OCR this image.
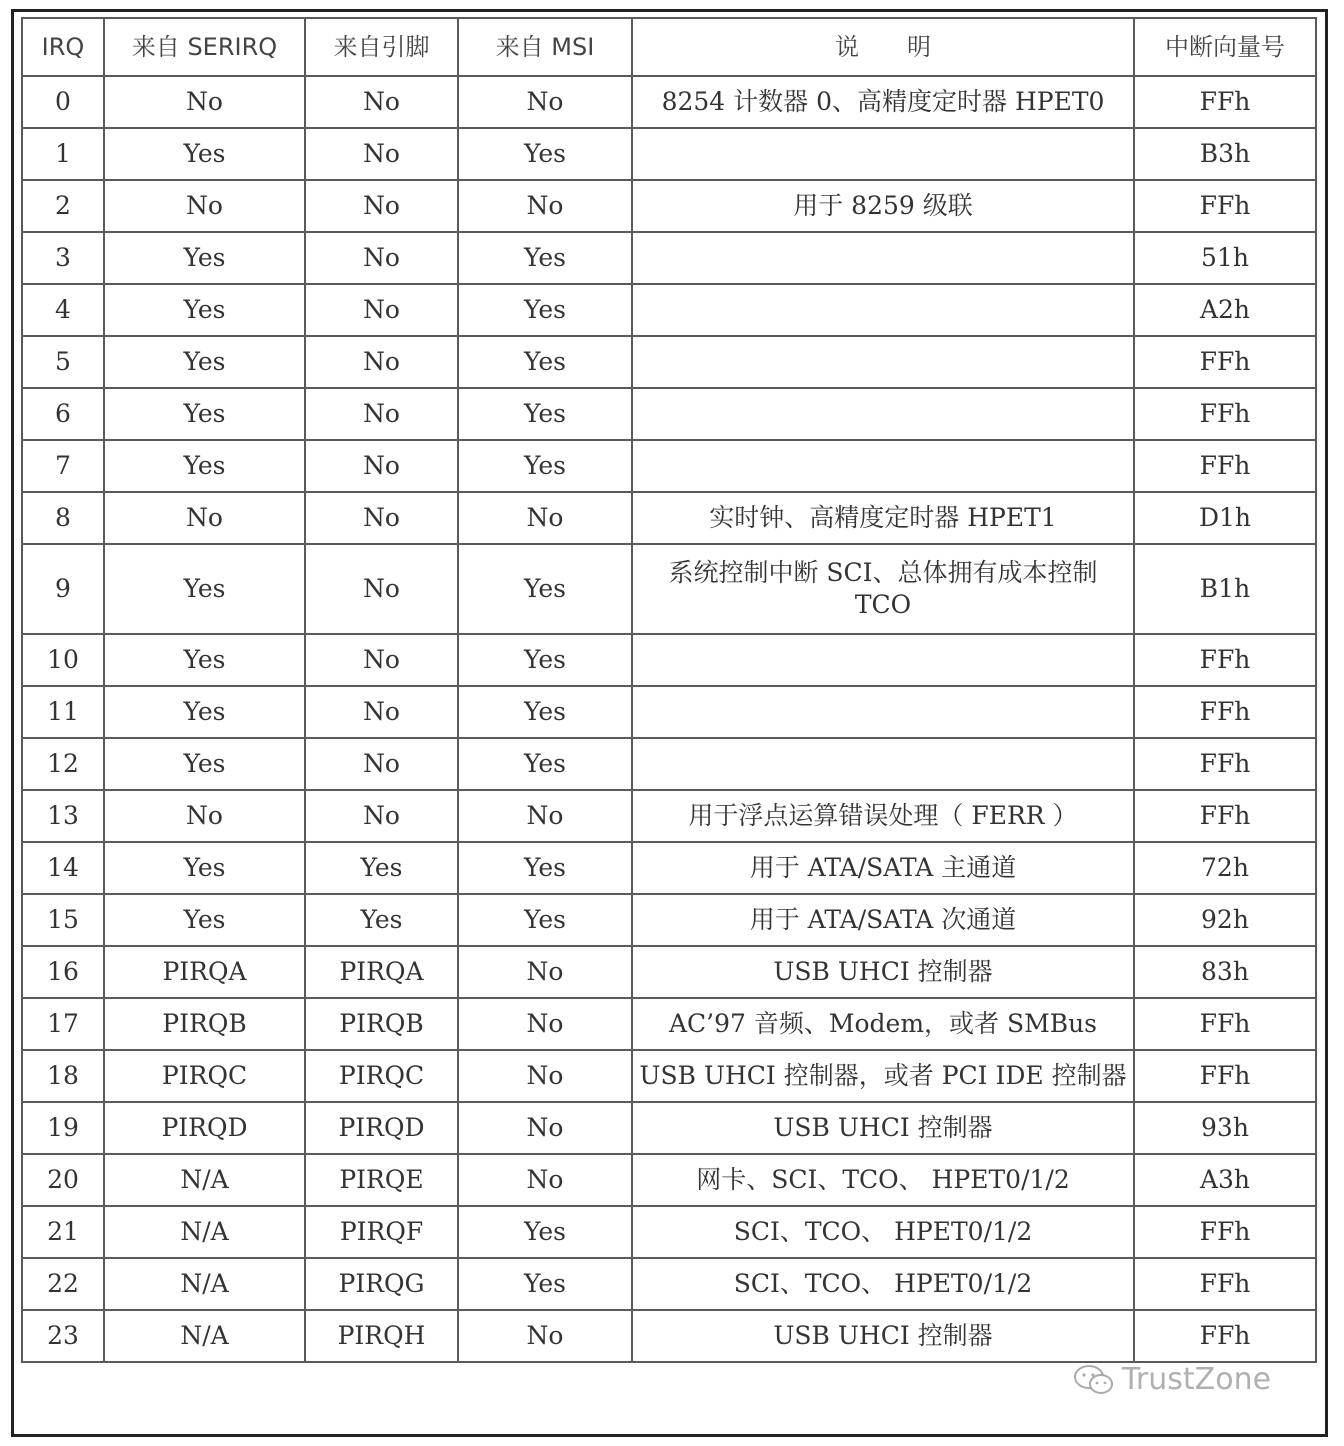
IRQ	来自 SERIRQ	来自引脚	来自 MSI	说　　明	中断向量号
0	No	No	No	8254 计数器 0、高精度定时器 HPET0	FFh
1	Yes	No	Yes		B3h
2	No	No	No	用于 8259 级联	FFh
3	Yes	No	Yes		51h
4	Yes	No	Yes		A2h
5	Yes	No	Yes		FFh
6	Yes	No	Yes		FFh
7	Yes	No	Yes		FFh
8	No	No	No	实时钟、高精度定时器 HPET1	D1h
9	Yes	No	Yes	系统控制中断 SCI、总体拥有成本控制 TCO	B1h
10	Yes	No	Yes		FFh
11	Yes	No	Yes		FFh
12	Yes	No	Yes		FFh
13	No	No	No	用于浮点运算错误处理（ FERR ）	FFh
14	Yes	Yes	Yes	用于 ATA/SATA 主通道	72h
15	Yes	Yes	Yes	用于 ATA/SATA 次通道	92h
16	PIRQA	PIRQA	No	USB UHCI 控制器	83h
17	PIRQB	PIRQB	No	AC’97 音频、Modem，或者 SMBus	FFh
18	PIRQC	PIRQC	No	USB UHCI 控制器，或者 PCI IDE 控制器	FFh
19	PIRQD	PIRQD	No	USB UHCI 控制器	93h
20	N/A	PIRQE	No	网卡、SCI、TCO、 HPET0/1/2	A3h
21	N/A	PIRQF	Yes	SCI、TCO、 HPET0/1/2	FFh
22	N/A	PIRQG	Yes	SCI、TCO、 HPET0/1/2	FFh
23	N/A	PIRQH	No	USB UHCI 控制器	FFh
TrustZone
